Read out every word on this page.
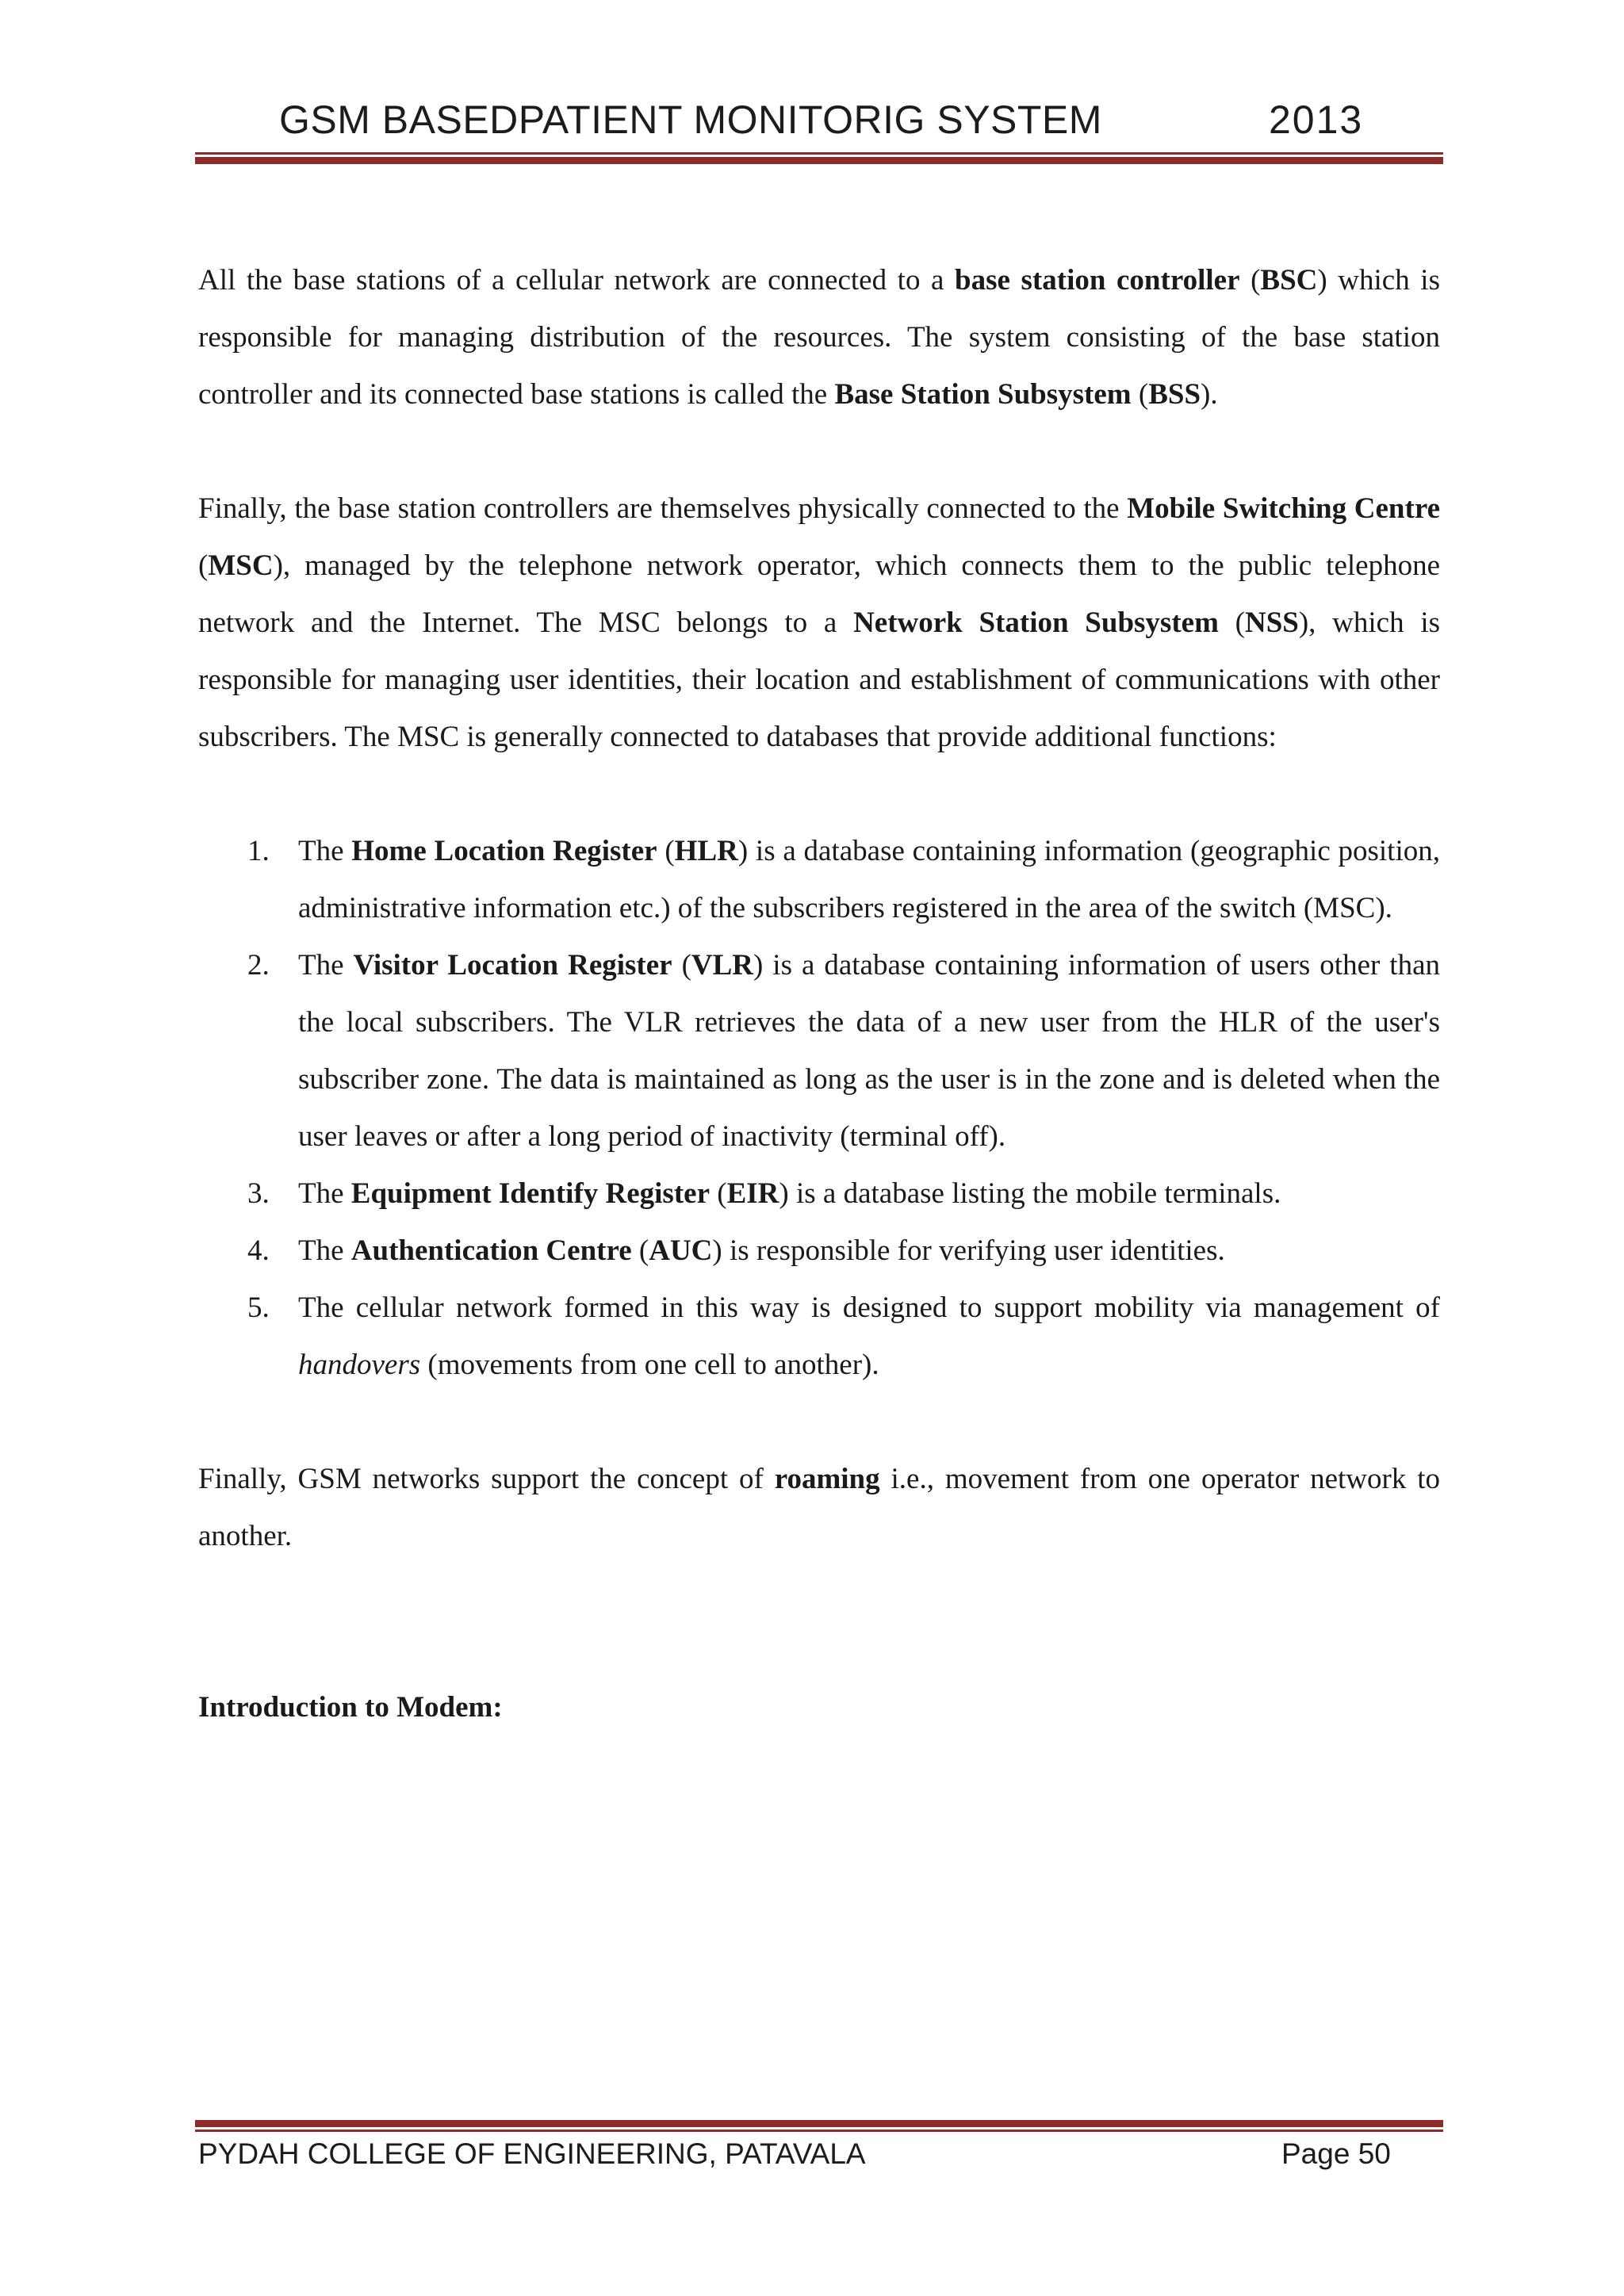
GSM BASEDPATIENT MONITORIG SYSTEM	2013

All the base stations of a cellular network are connected to a base station controller (BSC) which is responsible for managing distribution of the resources. The system consisting of the base station controller and its connected base stations is called the Base Station Subsystem (BSS).

Finally, the base station controllers are themselves physically connected to the Mobile Switching Centre (MSC), managed by the telephone network operator, which connects them to the public telephone network and the Internet. The MSC belongs to a Network Station Subsystem (NSS), which is responsible for managing user identities, their location and establishment of communications with other subscribers. The MSC is generally connected to databases that provide additional functions:

1. The Home Location Register (HLR) is a database containing information (geographic position, administrative information etc.) of the subscribers registered in the area of the switch (MSC).
2. The Visitor Location Register (VLR) is a database containing information of users other than the local subscribers. The VLR retrieves the data of a new user from the HLR of the user's subscriber zone. The data is maintained as long as the user is in the zone and is deleted when the user leaves or after a long period of inactivity (terminal off).
3. The Equipment Identify Register (EIR) is a database listing the mobile terminals.
4. The Authentication Centre (AUC) is responsible for verifying user identities.
5. The cellular network formed in this way is designed to support mobility via management of handovers (movements from one cell to another).

Finally, GSM networks support the concept of roaming i.e., movement from one operator network to another.

Introduction to Modem:

PYDAH COLLEGE OF ENGINEERING, PATAVALA	Page 50
